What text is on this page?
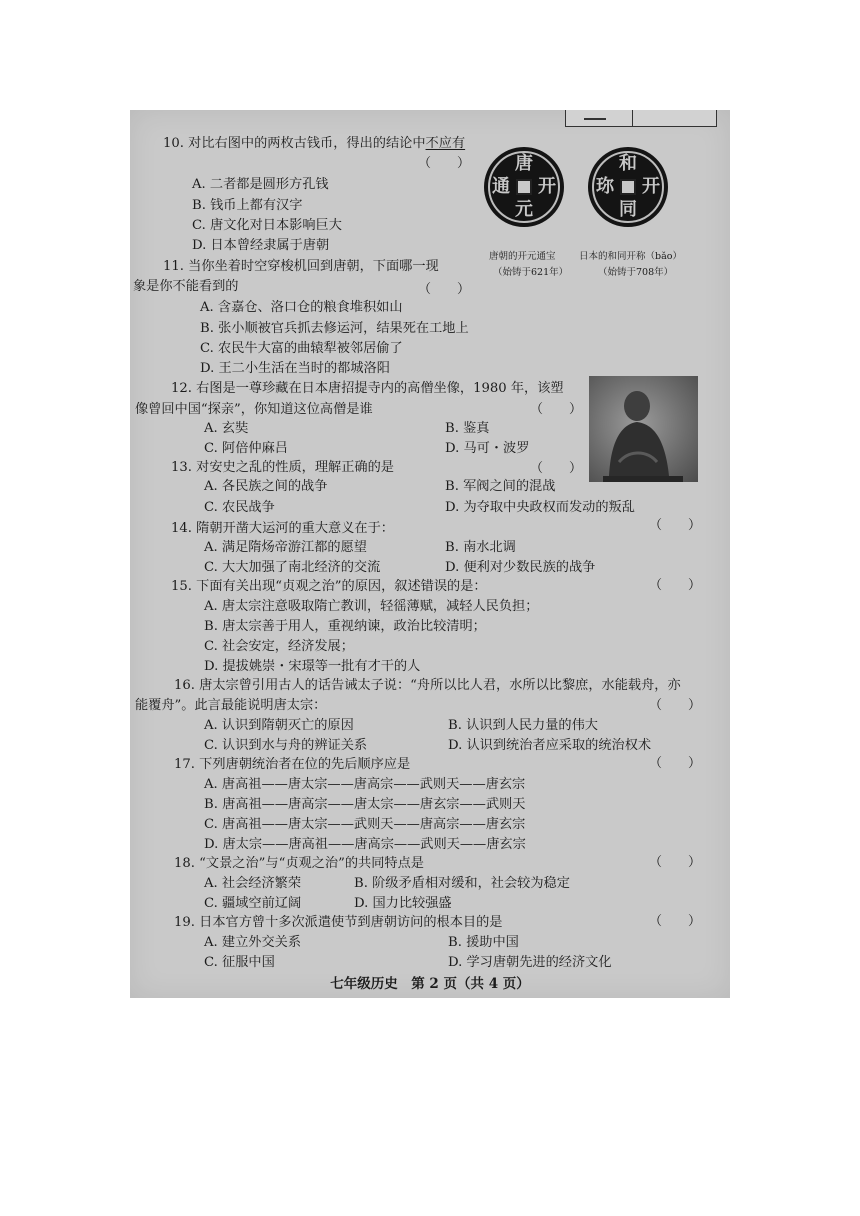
10. 对比右图中的两枚古钱币，得出的结论中不应有
（　　）
A. 二者都是圆形方孔钱
B. 钱币上都有汉字
C. 唐文化对日本影响巨大
D. 日本曾经隶属于唐朝
唐
元
开
通
和
同
开
珎
唐朝的开元通宝
（始铸于621年）
日本的和同开称（bǎo）
（始铸于708年）
11. 当你坐着时空穿梭机回到唐朝，下面哪一现
象是你不能看到的	（　　）
A. 含嘉仓、洛口仓的粮食堆积如山
B. 张小顺被官兵抓去修运河，结果死在工地上
C. 农民牛大富的曲辕犁被邻居偷了
D. 王二小生活在当时的都城洛阳
12. 右图是一尊珍藏在日本唐招提寺内的高僧坐像，1980 年，该塑
像曾回中国“探亲”，你知道这位高僧是谁	（　　）
A. 玄奘	B. 鉴真
C. 阿倍仲麻吕	D. 马可・波罗
13. 对安史之乱的性质，理解正确的是	（　　）
A. 各民族之间的战争	B. 军阀之间的混战
C. 农民战争	D. 为夺取中央政权而发动的叛乱
14. 隋朝开凿大运河的重大意义在于：	（　　）
A. 满足隋炀帝游江都的愿望	B. 南水北调
C. 大大加强了南北经济的交流	D. 便利对少数民族的战争
15. 下面有关出现“贞观之治”的原因，叙述错误的是：	（　　）
A. 唐太宗注意吸取隋亡教训，轻徭薄赋，减轻人民负担；
B. 唐太宗善于用人，重视纳谏，政治比较清明；
C. 社会安定，经济发展；
D. 提拔姚崇・宋璟等一批有才干的人
16. 唐太宗曾引用古人的话告诫太子说：“舟所以比人君，水所以比黎庶，水能载舟，亦
能覆舟”。此言最能说明唐太宗：	（　　）
A. 认识到隋朝灭亡的原因	B. 认识到人民力量的伟大
C. 认识到水与舟的辨证关系	D. 认识到统治者应采取的统治权术
17. 下列唐朝统治者在位的先后顺序应是	（　　）
A. 唐高祖——唐太宗——唐高宗——武则天——唐玄宗
B. 唐高祖——唐高宗——唐太宗——唐玄宗——武则天
C. 唐高祖——唐太宗——武则天——唐高宗——唐玄宗
D. 唐太宗——唐高祖——唐高宗——武则天——唐玄宗
18. “文景之治”与“贞观之治”的共同特点是	（　　）
A. 社会经济繁荣	B. 阶级矛盾相对缓和，社会较为稳定
C. 疆域空前辽阔	D. 国力比较强盛
19. 日本官方曾十多次派遣使节到唐朝访问的根本目的是	（　　）
A. 建立外交关系	B. 援助中国
C. 征服中国	D. 学习唐朝先进的经济文化
七年级历史　第 2 页（共 4 页）
